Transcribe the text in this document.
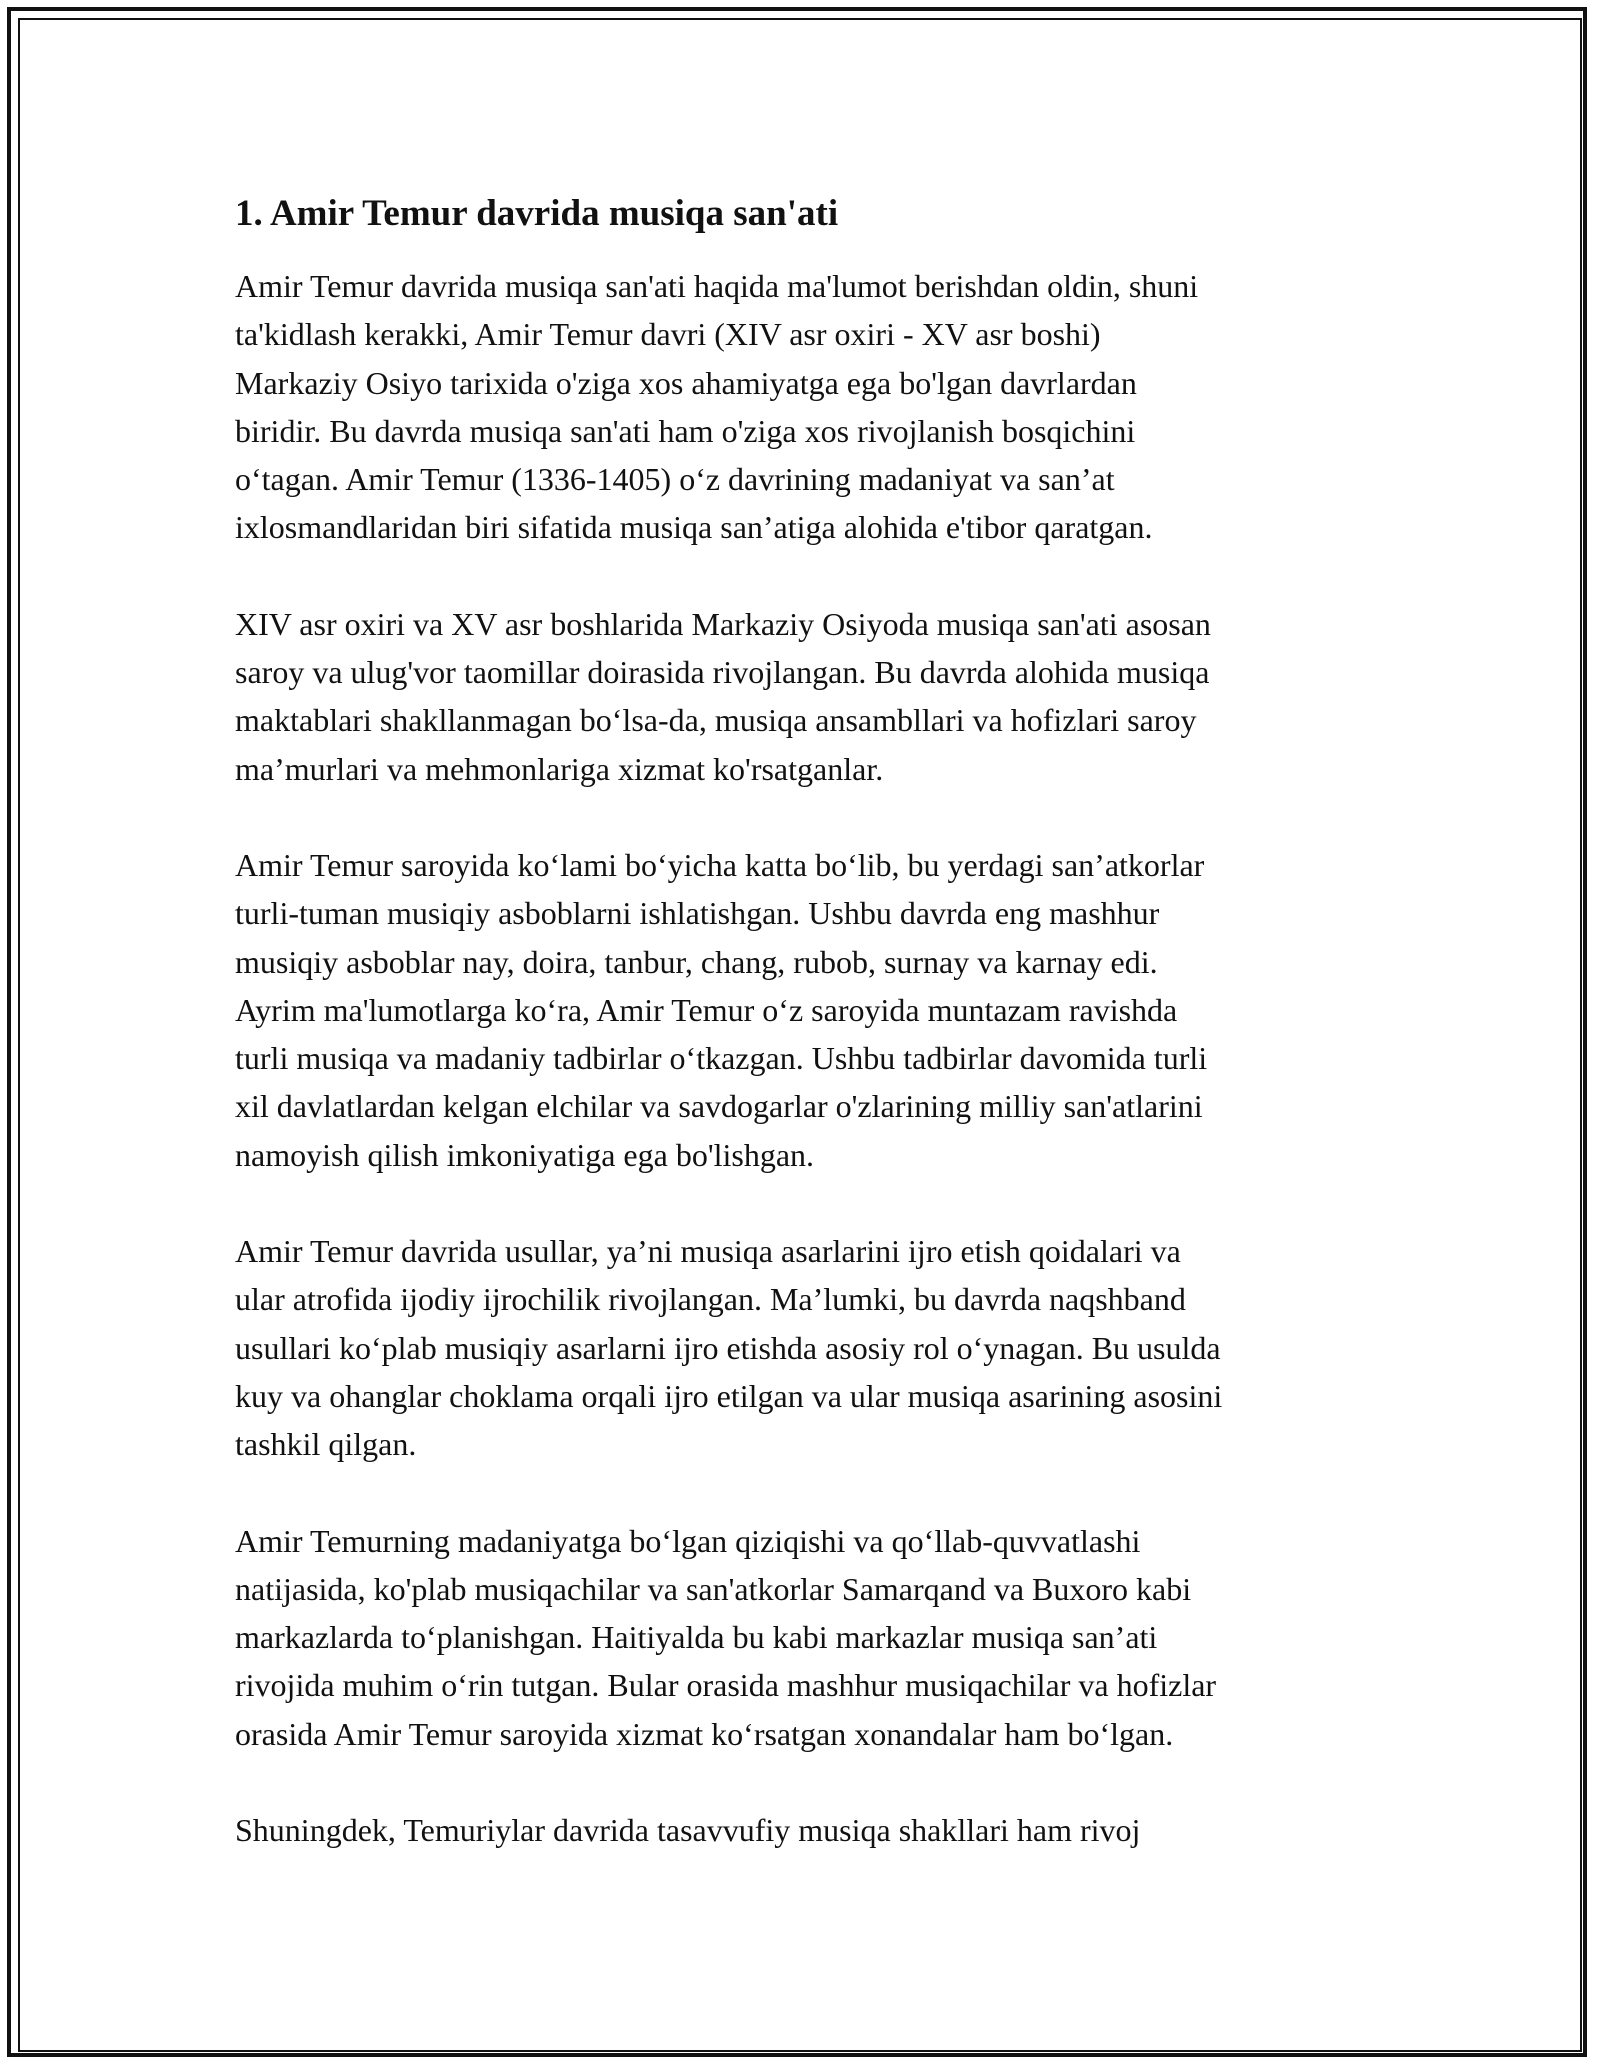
1. Amir Temur davrida musiqa san'ati

Amir Temur davrida musiqa san'ati haqida ma'lumot berishdan oldin, shuni
ta'kidlash kerakki, Amir Temur davri (XIV asr oxiri - XV asr boshi)
Markaziy Osiyo tarixida o'ziga xos ahamiyatga ega bo'lgan davrlardan
biridir. Bu davrda musiqa san'ati ham o'ziga xos rivojlanish bosqichini
o‘tagan. Amir Temur (1336-1405) o‘z davrining madaniyat va san’at
ixlosmandlaridan biri sifatida musiqa san’atiga alohida e'tibor qaratgan.

XIV asr oxiri va XV asr boshlarida Markaziy Osiyoda musiqa san'ati asosan
saroy va ulug'vor taomillar doirasida rivojlangan. Bu davrda alohida musiqa
maktablari shakllanmagan bo‘lsa-da, musiqa ansambllari va hofizlari saroy
ma’murlari va mehmonlariga xizmat ko'rsatganlar.

Amir Temur saroyida ko‘lami bo‘yicha katta bo‘lib, bu yerdagi san’atkorlar
turli-tuman musiqiy asboblarni ishlatishgan. Ushbu davrda eng mashhur
musiqiy asboblar nay, doira, tanbur, chang, rubob, surnay va karnay edi.
Ayrim ma'lumotlarga ko‘ra, Amir Temur o‘z saroyida muntazam ravishda
turli musiqa va madaniy tadbirlar o‘tkazgan. Ushbu tadbirlar davomida turli
xil davlatlardan kelgan elchilar va savdogarlar o'zlarining milliy san'atlarini
namoyish qilish imkoniyatiga ega bo'lishgan.

Amir Temur davrida usullar, ya’ni musiqa asarlarini ijro etish qoidalari va
ular atrofida ijodiy ijrochilik rivojlangan. Ma’lumki, bu davrda naqshband
usullari ko‘plab musiqiy asarlarni ijro etishda asosiy rol o‘ynagan. Bu usulda
kuy va ohanglar choklama orqali ijro etilgan va ular musiqa asarining asosini
tashkil qilgan.

Amir Temurning madaniyatga bo‘lgan qiziqishi va qo‘llab-quvvatlashi
natijasida, ko'plab musiqachilar va san'atkorlar Samarqand va Buxoro kabi
markazlarda to‘planishgan. Haitiyalda bu kabi markazlar musiqa san’ati
rivojida muhim o‘rin tutgan. Bular orasida mashhur musiqachilar va hofizlar
orasida Amir Temur saroyida xizmat ko‘rsatgan xonandalar ham bo‘lgan.

Shuningdek, Temuriylar davrida tasavvufiy musiqa shakllari ham rivoj
